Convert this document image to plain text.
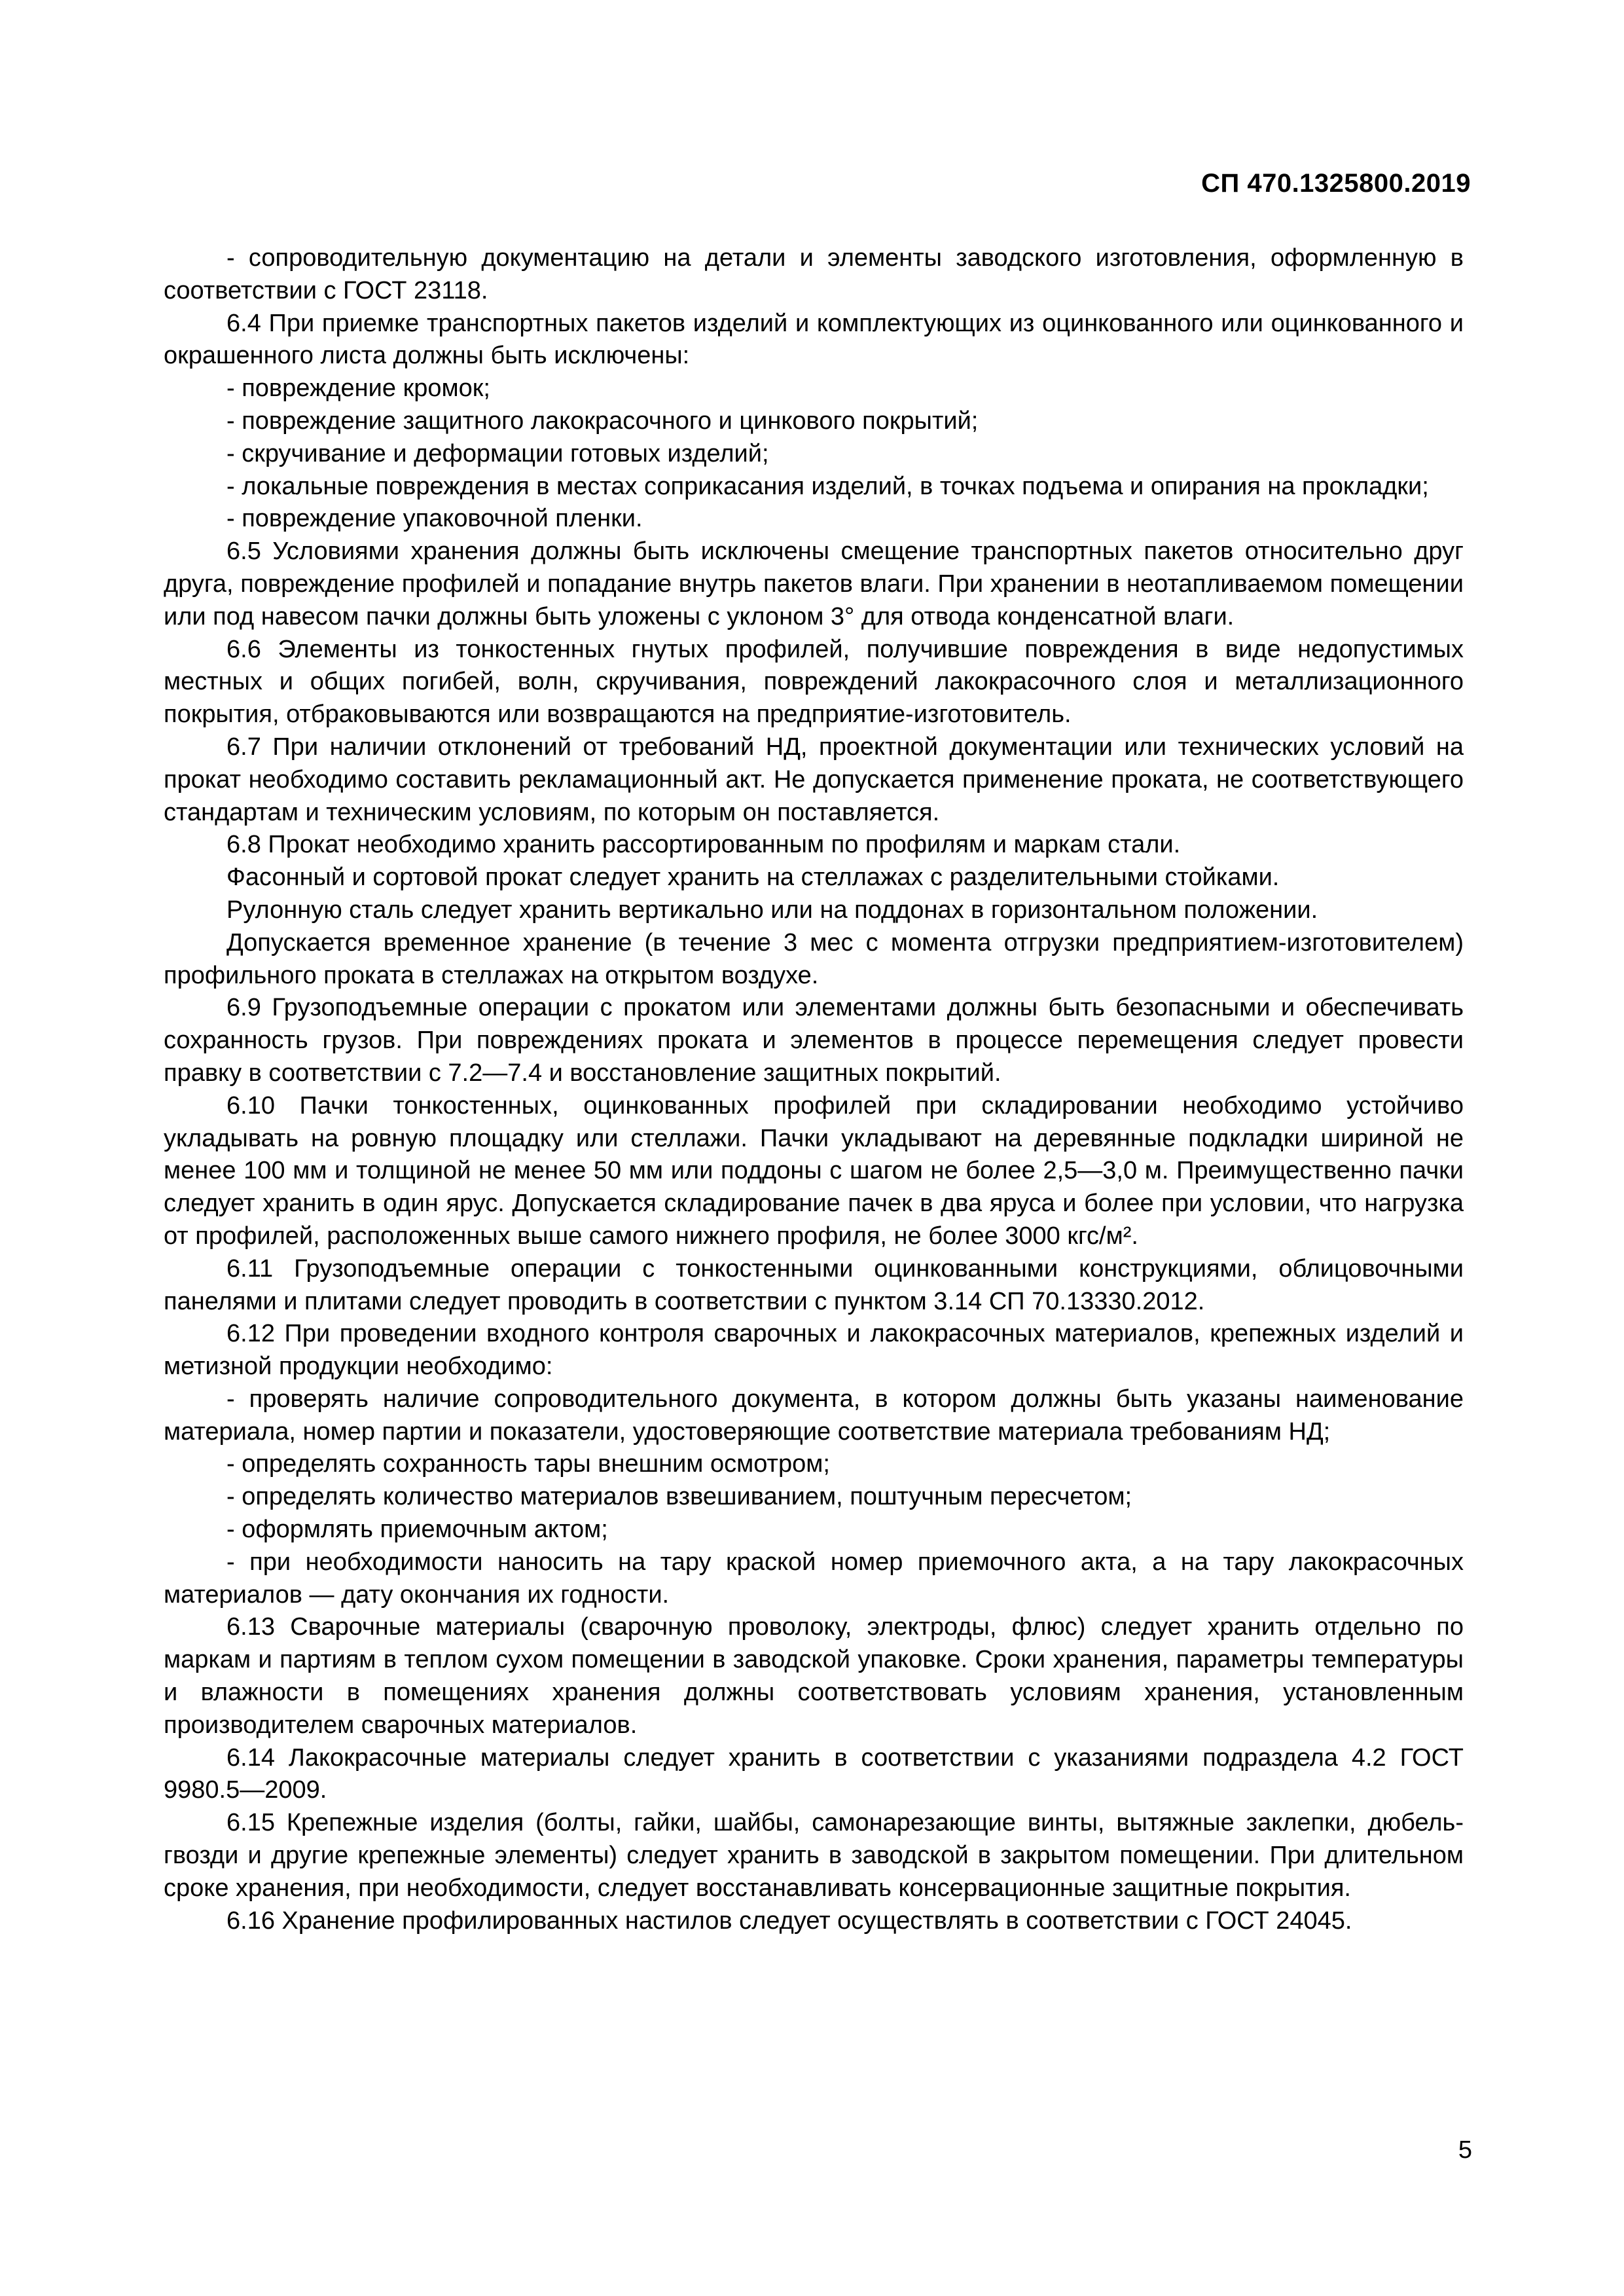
СП 470.1325800.2019

- сопроводительную документацию на детали и элементы заводского изготовления, оформленную в соответствии с ГОСТ 23118.

6.4 При приемке транспортных пакетов изделий и комплектующих из оцинкованного или оцинкованного и окрашенного листа должны быть исключены:

- повреждение кромок;

- повреждение защитного лакокрасочного и цинкового покрытий;

- скручивание и деформации готовых изделий;

- локальные повреждения в местах соприкасания изделий, в точках подъема и опирания на прокладки;

- повреждение упаковочной пленки.

6.5 Условиями хранения должны быть исключены смещение транспортных пакетов относительно друг друга, повреждение профилей и попадание внутрь пакетов влаги. При хранении в неотапливаемом помещении или под навесом пачки должны быть уложены с уклоном 3° для отвода конденсатной влаги.

6.6 Элементы из тонкостенных гнутых профилей, получившие повреждения в виде недопустимых местных и общих погибей, волн, скручивания, повреждений лакокрасочного слоя и металлизационного покрытия, отбраковываются или возвращаются на предприятие-изготовитель.

6.7 При наличии отклонений от требований НД, проектной документации или технических условий на прокат необходимо составить рекламационный акт. Не допускается применение проката, не соответствующего стандартам и техническим условиям, по которым он поставляется.

6.8 Прокат необходимо хранить рассортированным по профилям и маркам стали.

Фасонный и сортовой прокат следует хранить на стеллажах с разделительными стойками.

Рулонную сталь следует хранить вертикально или на поддонах в горизонтальном положении.

Допускается временное хранение (в течение 3 мес с момента отгрузки предприятием-изготовителем) профильного проката в стеллажах на открытом воздухе.

6.9 Грузоподъемные операции с прокатом или элементами должны быть безопасными и обеспечивать сохранность грузов. При повреждениях проката и элементов в процессе перемещения следует провести правку в соответствии с 7.2—7.4 и восстановление защитных покрытий.

6.10 Пачки тонкостенных, оцинкованных профилей при складировании необходимо устойчиво укладывать на ровную площадку или стеллажи. Пачки укладывают на деревянные подкладки шириной не менее 100 мм и толщиной не менее 50 мм или поддоны с шагом не более 2,5—3,0 м. Преимущественно пачки следует хранить в один ярус. Допускается складирование пачек в два яруса и более при условии, что нагрузка от профилей, расположенных выше самого нижнего профиля, не более 3000 кгс/м².

6.11 Грузоподъемные операции с тонкостенными оцинкованными конструкциями, облицовочными панелями и плитами следует проводить в соответствии с пунктом 3.14 СП 70.13330.2012.

6.12 При проведении входного контроля сварочных и лакокрасочных материалов, крепежных изделий и метизной продукции необходимо:

- проверять наличие сопроводительного документа, в котором должны быть указаны наименование материала, номер партии и показатели, удостоверяющие соответствие материала требованиям НД;

- определять сохранность тары внешним осмотром;

- определять количество материалов взвешиванием, поштучным пересчетом;

- оформлять приемочным актом;

- при необходимости наносить на тару краской номер приемочного акта, а на тару лакокрасочных материалов — дату окончания их годности.

6.13 Сварочные материалы (сварочную проволоку, электроды, флюс) следует хранить отдельно по маркам и партиям в теплом сухом помещении в заводской упаковке. Сроки хранения, параметры температуры и влажности в помещениях хранения должны соответствовать условиям хранения, установленным производителем сварочных материалов.

6.14 Лакокрасочные материалы следует хранить в соответствии с указаниями подраздела 4.2 ГОСТ 9980.5—2009.

6.15 Крепежные изделия (болты, гайки, шайбы, самонарезающие винты, вытяжные заклепки, дюбель-гвозди и другие крепежные элементы) следует хранить в заводской в закрытом помещении. При длительном сроке хранения, при необходимости, следует восстанавливать консервационные защитные покрытия.

6.16 Хранение профилированных настилов следует осуществлять в соответствии с ГОСТ 24045.

5
